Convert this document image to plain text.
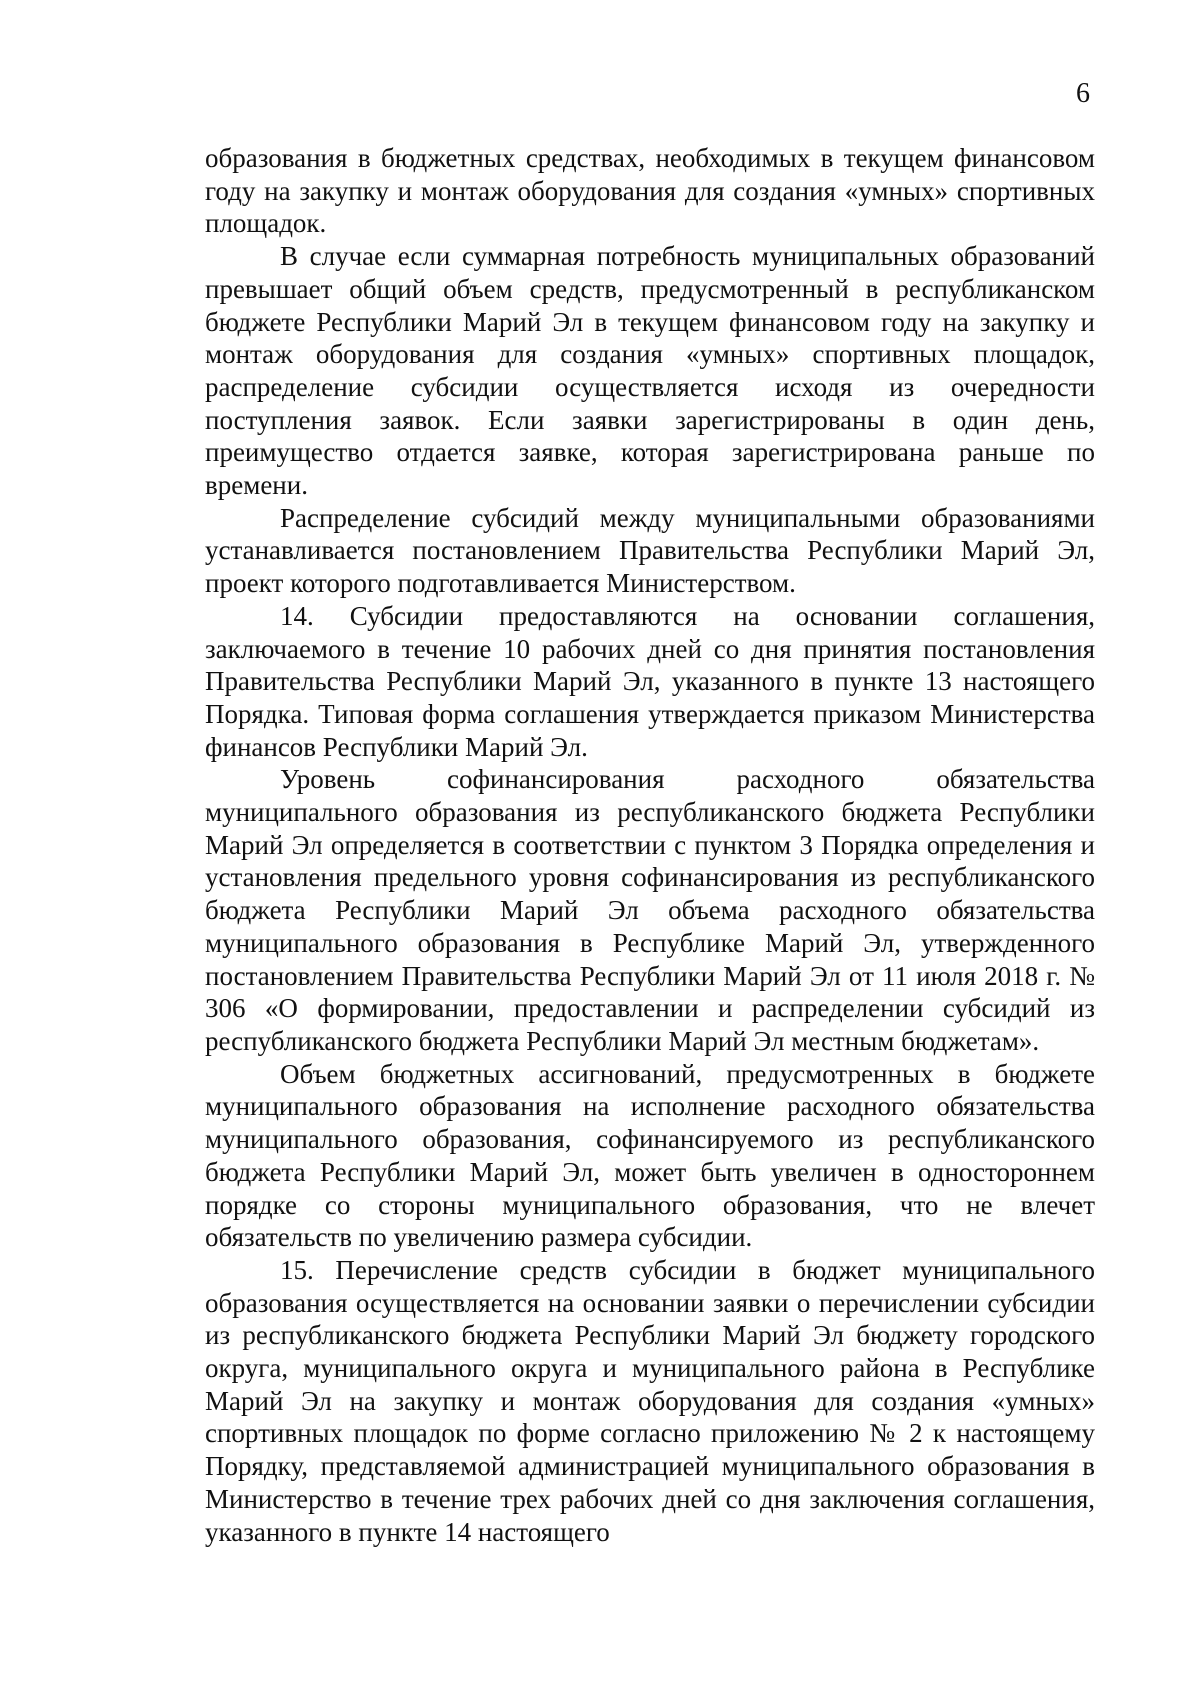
6

образования в бюджетных средствах, необходимых в текущем финансовом году на закупку и монтаж оборудования для создания «умных» спортивных площадок.

В случае если суммарная потребность муниципальных образований превышает общий объем средств, предусмотренный в республиканском бюджете Республики Марий Эл в текущем финансовом году на закупку и монтаж оборудования для создания «умных» спортивных площадок, распределение субсидии осуществляется исходя из очередности поступления заявок. Если заявки зарегистрированы в один день, преимущество отдается заявке, которая зарегистрирована раньше по времени.

Распределение субсидий между муниципальными образованиями устанавливается постановлением Правительства Республики Марий Эл, проект которого подготавливается Министерством.

14. Субсидии предоставляются на основании соглашения, заключаемого в течение 10 рабочих дней со дня принятия постановления Правительства Республики Марий Эл, указанного в пункте 13 настоящего Порядка. Типовая форма соглашения утверждается приказом Министерства финансов Республики Марий Эл.

Уровень софинансирования расходного обязательства муниципального образования из республиканского бюджета Республики Марий Эл определяется в соответствии с пунктом 3 Порядка определения и установления предельного уровня софинансирования из республиканского бюджета Республики Марий Эл объема расходного обязательства муниципального образования в Республике Марий Эл, утвержденного постановлением Правительства Республики Марий Эл от 11 июля 2018 г. № 306 «О формировании, предоставлении и распределении субсидий из республиканского бюджета Республики Марий Эл местным бюджетам».

Объем бюджетных ассигнований, предусмотренных в бюджете муниципального образования на исполнение расходного обязательства муниципального образования, софинансируемого из республиканского бюджета Республики Марий Эл, может быть увеличен в одностороннем порядке со стороны муниципального образования, что не влечет обязательств по увеличению размера субсидии.

15. Перечисление средств субсидии в бюджет муниципального образования осуществляется на основании заявки о перечислении субсидии из республиканского бюджета Республики Марий Эл бюджету городского округа, муниципального округа и муниципального района в Республике Марий Эл на закупку и монтаж оборудования для создания «умных» спортивных площадок по форме согласно приложению № 2 к настоящему Порядку, представляемой администрацией муниципального образования в Министерство в течение трех рабочих дней со дня заключения соглашения, указанного в пункте 14 настоящего
